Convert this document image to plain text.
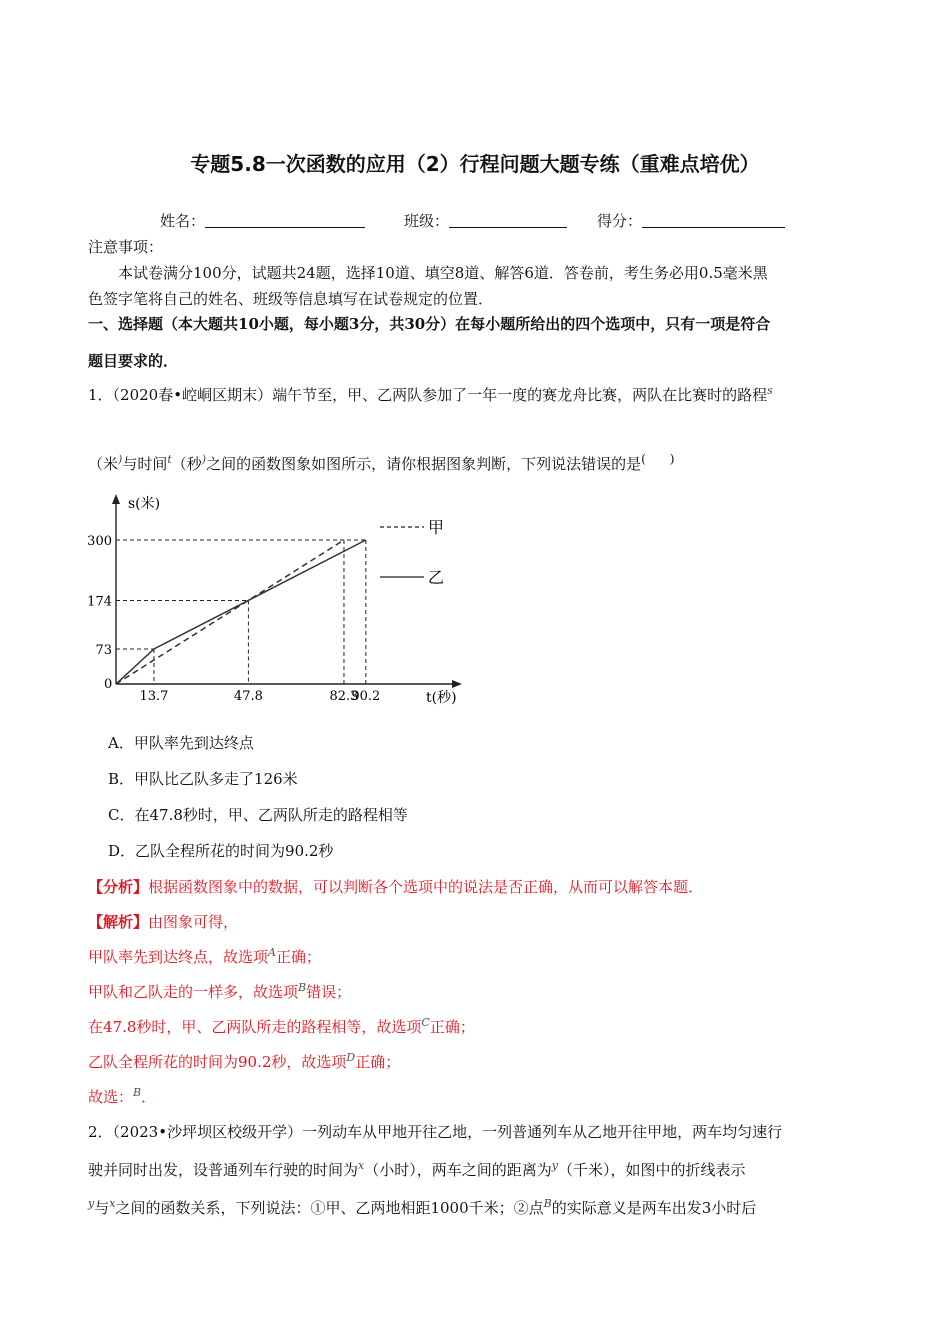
专题5.8一次函数的应用（2）行程问题大题专练（重难点培优）
姓名：	班级：	得分：
注意事项：
本试卷满分100分，试题共24题，选择10道、填空8道、解答6道．答卷前，考生务必用0.5毫米黑
色签字笔将自己的姓名、班级等信息填写在试卷规定的位置．
一、选择题（本大题共10小题，每小题3分，共30分）在每小题所给出的四个选项中，只有一项是符合
题目要求的．
1．（2020春•崆峒区期末）端午节至，甲、乙两队参加了一年一度的赛龙舟比赛，两队在比赛时的路程$^s$
（米)与时间$^t$（秒)之间的函数图象如图所示，请你根据图象判断，下列说法错误的是(　　)
s(米)
t(秒)
0
73
174
300
13.7	47.8	82.3
90.2
甲
乙
A．甲队率先到达终点
B．甲队比乙队多走了126米
C．在47.8秒时，甲、乙两队所走的路程相等
D．乙队全程所花的时间为90.2秒
【分析】根据函数图象中的数据，可以判断各个选项中的说法是否正确，从而可以解答本题．
【解析】由图象可得，
甲队率先到达终点，故选项$^A$正确；
甲队和乙队走的一样多，故选项$^B$错误；
在47.8秒时，甲、乙两队所走的路程相等，故选项$^C$正确；
乙队全程所花的时间为90.2秒，故选项$^D$正确；
故选：$^B$．
2．（2023•沙坪坝区校级开学）一列动车从甲地开往乙地，一列普通列车从乙地开往甲地，两车均匀速行
驶并同时出发，设普通列车行驶的时间为$^x$（小时），两车之间的距离为$^y$（千米），如图中的折线表示
$^y$与$^x$之间的函数关系，下列说法：①甲、乙两地相距1000千米；②点$^B$的实际意义是两车出发3小时后
